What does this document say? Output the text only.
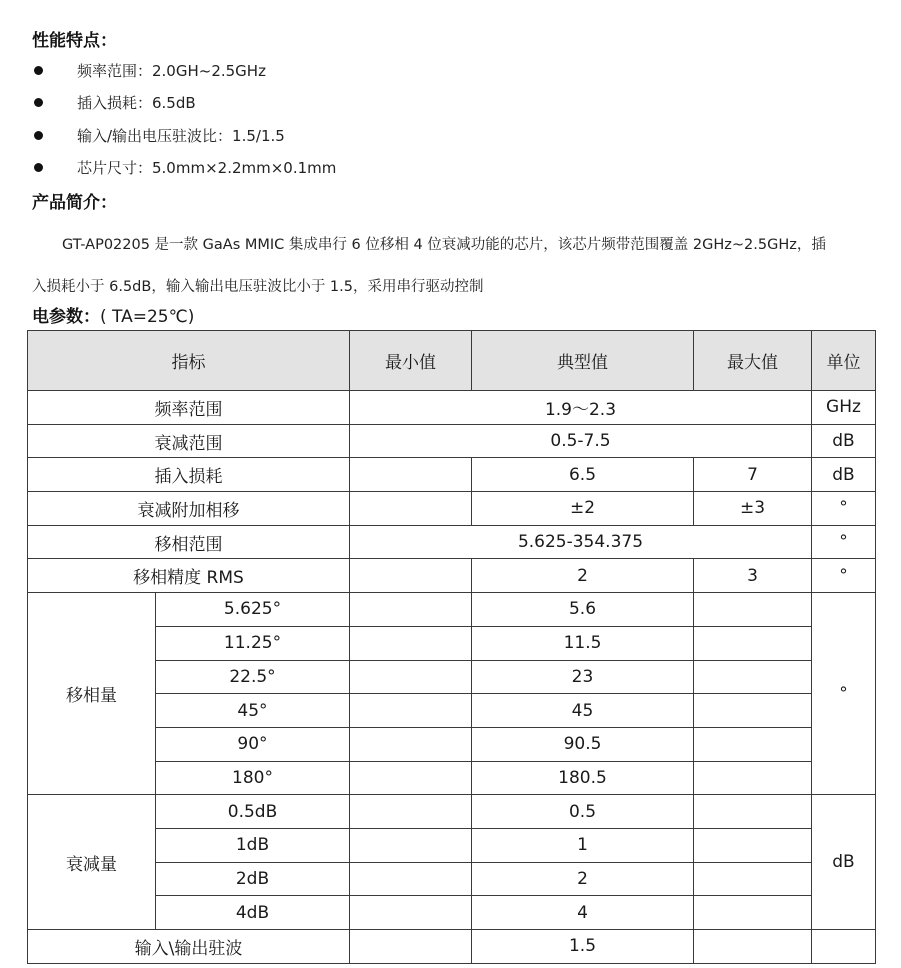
性能特点：
频率范围：2.0GH~2.5GHz
插入损耗：6.5dB
输入/输出电压驻波比：1.5/1.5
芯片尺寸：5.0mm×2.2mm×0.1mm
产品简介：
GT-AP02205 是一款 GaAs MMIC 集成串行 6 位移相 4 位衰减功能的芯片，该芯片频带范围覆盖 2GHz~2.5GHz，插
入损耗小于 6.5dB，输入输出电压驻波比小于 1.5，采用串行驱动控制
电参数：( TA=25℃)
指标		最小值	典型值	最大值	单位
频率范围		1.9～2.3			GHz
衰减范围		0.5-7.5			dB
插入损耗			6.5	7	dB
衰减附加相移			±2	±3	°
移相范围		5.625-354.375			°
移相精度 RMS			2	3	°
移相量	5.625°		5.6		°
	11.25°		11.5		
	22.5°		23		
	45°		45		
	90°		90.5		
	180°		180.5		
衰减量	0.5dB		0.5		dB
	1dB		1		
	2dB		2		
	4dB		4		
输入\输出驻波			1.5		
